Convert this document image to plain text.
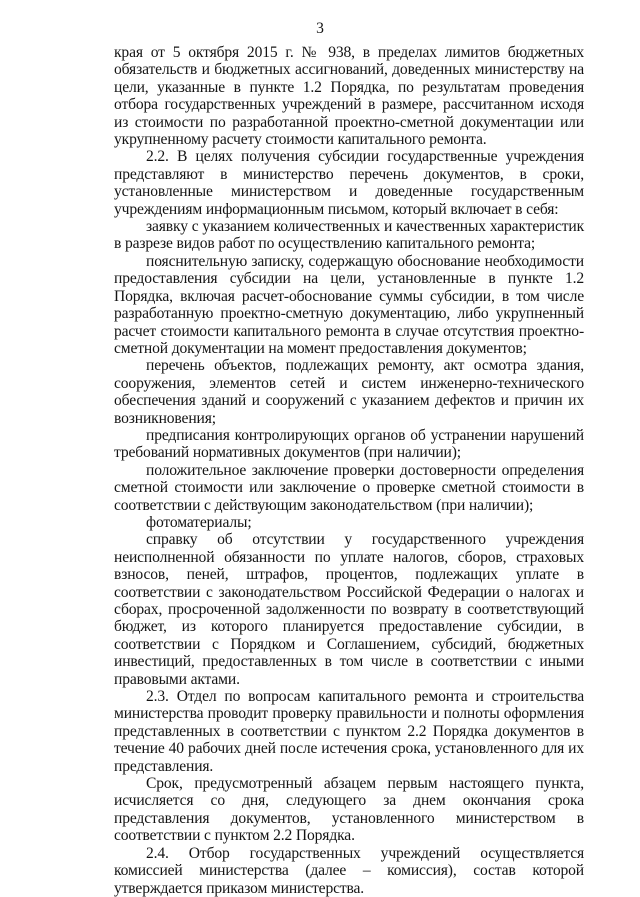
3

края от 5 октября 2015 г. № 938, в пределах лимитов бюджетных обязательств и бюджетных ассигнований, доведенных министерству на цели, указанные в пункте 1.2 Порядка, по результатам проведения отбора государственных учреждений в размере, рассчитанном исходя из стоимости по разработанной проектно-сметной документации или укрупненному расчету стоимости капитального ремонта.

2.2. В целях получения субсидии государственные учреждения представляют в министерство перечень документов, в сроки, установленные министерством и доведенные государственным учреждениям информационным письмом, который включает в себя:

заявку с указанием количественных и качественных характеристик в разрезе видов работ по осуществлению капитального ремонта;

пояснительную записку, содержащую обоснование необходимости предоставления субсидии на цели, установленные в пункте 1.2 Порядка, включая расчет-обоснование суммы субсидии, в том числе разработанную проектно-сметную документацию, либо укрупненный расчет стоимости капитального ремонта в случае отсутствия проектно-сметной документации на момент предоставления документов;

перечень объектов, подлежащих ремонту, акт осмотра здания, сооружения, элементов сетей и систем инженерно-технического обеспечения зданий и сооружений с указанием дефектов и причин их возникновения;

предписания контролирующих органов об устранении нарушений требований нормативных документов (при наличии);

положительное заключение проверки достоверности определения сметной стоимости или заключение о проверке сметной стоимости в соответствии с действующим законодательством (при наличии);

фотоматериалы;

справку об отсутствии у государственного учреждения неисполненной обязанности по уплате налогов, сборов, страховых взносов, пеней, штрафов, процентов, подлежащих уплате в соответствии с законодательством Российской Федерации о налогах и сборах, просроченной задолженности по возврату в соответствующий бюджет, из которого планируется предоставление субсидии, в соответствии с Порядком и Соглашением, субсидий, бюджетных инвестиций, предоставленных в том числе в соответствии с иными правовыми актами.

2.3. Отдел по вопросам капитального ремонта и строительства министерства проводит проверку правильности и полноты оформления представленных в соответствии с пунктом 2.2 Порядка документов в течение 40 рабочих дней после истечения срока, установленного для их представления.

Срок, предусмотренный абзацем первым настоящего пункта, исчисляется со дня, следующего за днем окончания срока представления документов, установленного министерством в соответствии с пунктом 2.2 Порядка.

2.4. Отбор государственных учреждений осуществляется комиссией министерства (далее – комиссия), состав которой утверждается приказом министерства.
